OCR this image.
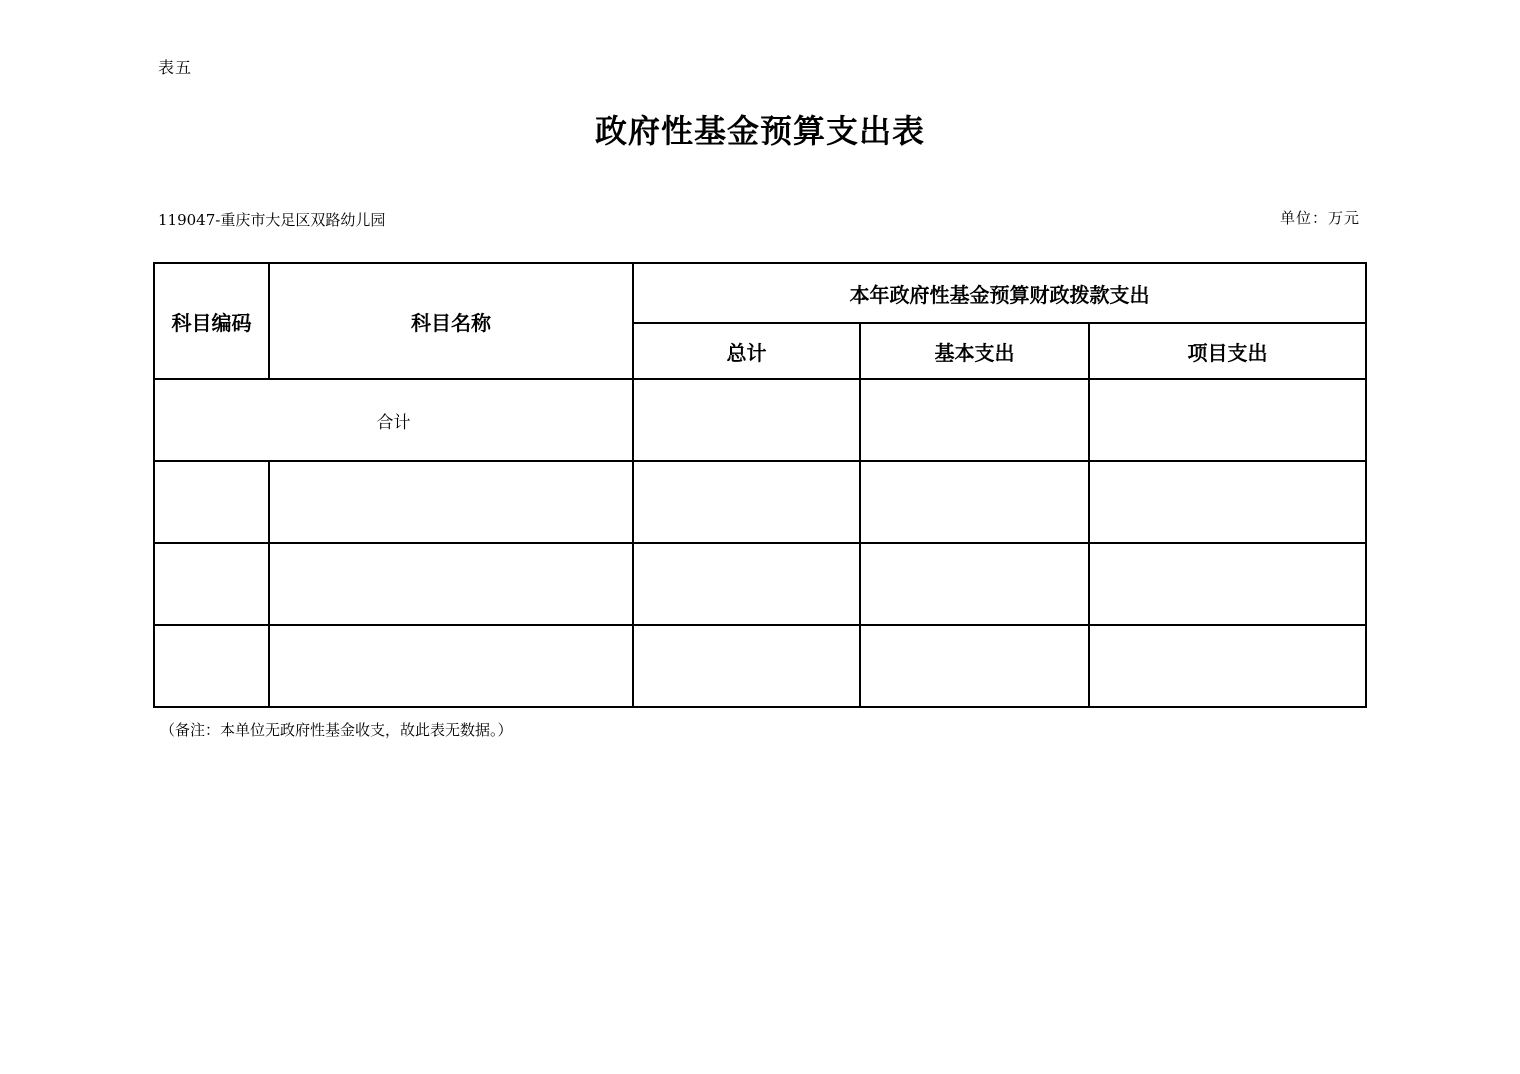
表五
政府性基金预算支出表
119047-重庆市大足区双路幼儿园	单位：万元
科目编码	科目名称	本年政府性基金预算财政拨款支出		
		总计	基本支出	项目支出
合计				

（备注：本单位无政府性基金收支，故此表无数据。）
